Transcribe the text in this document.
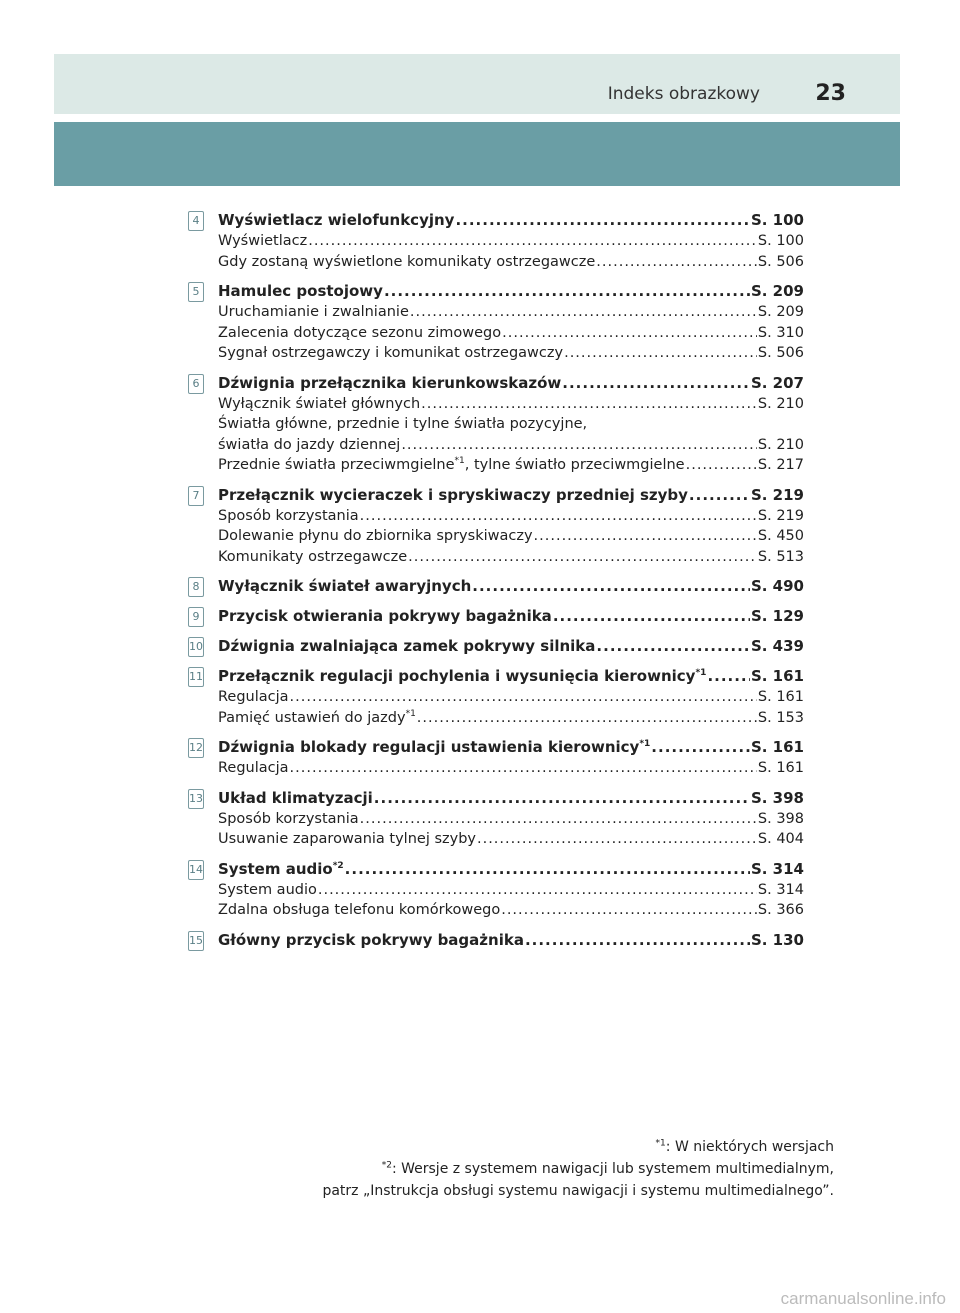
Indeks obrazkowy	23
4	Wyświetlacz wielofunkcyjny .....	S. 100
Wyświetlacz .....	S. 100
Gdy zostaną wyświetlone komunikaty ostrzegawcze .....	S. 506
5	Hamulec postojowy .....	S. 209
Uruchamianie i zwalnianie .....	S. 209
Zalecenia dotyczące sezonu zimowego .....	S. 310
Sygnał ostrzegawczy i komunikat ostrzegawczy .....	S. 506
6	Dźwignia przełącznika kierunkowskazów .....	S. 207
Wyłącznik świateł głównych .....	S. 210
Światła główne, przednie i tylne światła pozycyjne,
światła do jazdy dziennej .....	S. 210
Przednie światła przeciwmgielne$^{*1}$, tylne światło przeciwmgielne .....	S. 217
7	Przełącznik wycieraczek i spryskiwaczy przedniej szyby .....	S. 219
Sposób korzystania .....	S. 219
Dolewanie płynu do zbiornika spryskiwaczy .....	S. 450
Komunikaty ostrzegawcze .....	S. 513
8	Wyłącznik świateł awaryjnych .....	S. 490
9	Przycisk otwierania pokrywy bagażnika .....	S. 129
10 Dźwignia zwalniająca zamek pokrywy silnika .....	S. 439
11 Przełącznik regulacji pochylenia i wysunięcia kierownicy$^{*1}$ .....	S. 161
Regulacja .....	S. 161
Pamięć ustawień do jazdy$^{*1}$ .....	S. 153
12 Dźwignia blokady regulacji ustawienia kierownicy$^{*1}$ .....	S. 161
Regulacja .....	S. 161
13 Układ klimatyzacji .....	S. 398
Sposób korzystania .....	S. 398
Usuwanie zaparowania tylnej szyby .....	S. 404
14 System audio$^{*2}$ .....	S. 314
System audio .....	S. 314
Zdalna obsługa telefonu komórkowego .....	S. 366
15 Główny przycisk pokrywy bagażnika .....	S. 130
$^{*1}$: W niektórych wersjach
$^{*2}$: Wersje z systemem nawigacji lub systemem multimedialnym,
patrz „Instrukcja obsługi systemu nawigacji i systemu multimedialnego”.
carmanualsonline.info
